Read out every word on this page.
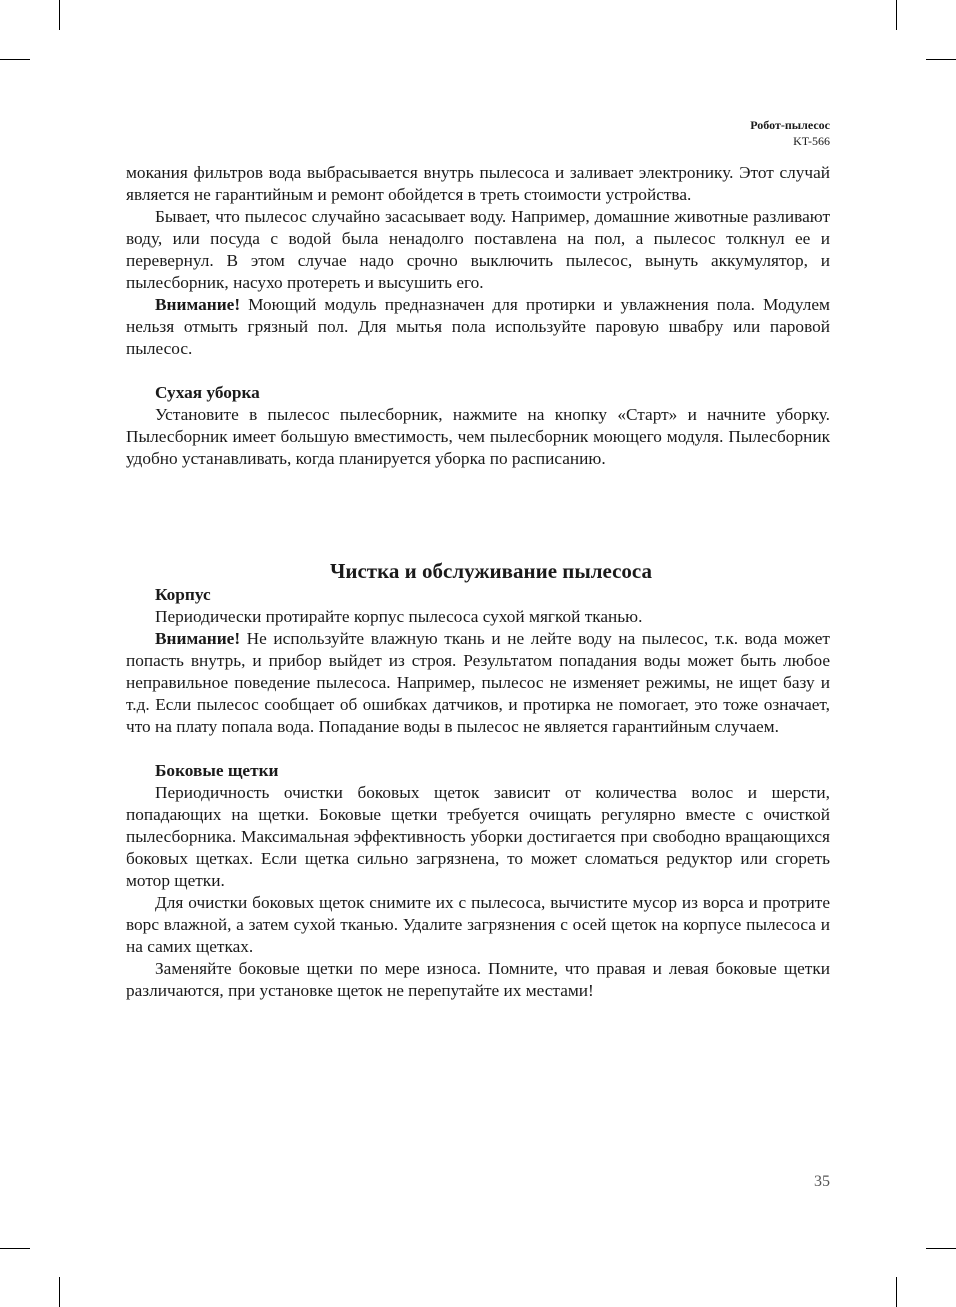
Робот-пылесос
KT-566

мокания фильтров вода выбрасывается внутрь пылесоса и заливает электронику. Этот случай является не гарантийным и ремонт обойдется в треть стоимости устройства.

Бывает, что пылесос случайно засасывает воду. Например, домашние животные разливают воду, или посуда с водой была ненадолго поставлена на пол, а пылесос толкнул ее и перевернул. В этом случае надо срочно выключить пылесос, вынуть аккумулятор, и пылесборник, насухо протереть и высушить его.

Внимание! Моющий модуль предназначен для протирки и увлажнения пола. Модулем нельзя отмыть грязный пол. Для мытья пола используйте паровую швабру или паровой пылесос.

Сухая уборка

Установите в пылесос пылесборник, нажмите на кнопку «Старт» и начните уборку. Пылесборник имеет большую вместимость, чем пылесборник моющего модуля. Пылесборник удобно устанавливать, когда планируется уборка по расписанию.

Чистка и обслуживание пылесоса
Корпус

Периодически протирайте корпус пылесоса сухой мягкой тканью.

Внимание! Не используйте влажную ткань и не лейте воду на пылесос, т.к. вода может попасть внутрь, и прибор выйдет из строя. Результатом попадания воды может быть любое неправильное поведение пылесоса. Например, пылесос не изменяет режимы, не ищет базу и т.д. Если пылесос сообщает об ошибках датчиков, и протирка не помогает, это тоже означает, что на плату попала вода. Попадание воды в пылесос не является гарантийным случаем.

Боковые щетки

Периодичность очистки боковых щеток зависит от количества волос и шерсти, попадающих на щетки. Боковые щетки требуется очищать регулярно вместе с очисткой пылесборника. Максимальная эффективность уборки достигается при свободно вращающихся боковых щетках. Если щетка сильно загрязнена, то может сломаться редуктор или сгореть мотор щетки.

Для очистки боковых щеток снимите их с пылесоса, вычистите мусор из ворса и протрите ворс влажной, а затем сухой тканью. Удалите загрязнения с осей щеток на корпусе пылесоса и на самих щетках.

Заменяйте боковые щетки по мере износа. Помните, что правая и левая боковые щетки различаются, при установке щеток не перепутайте их местами!

35
